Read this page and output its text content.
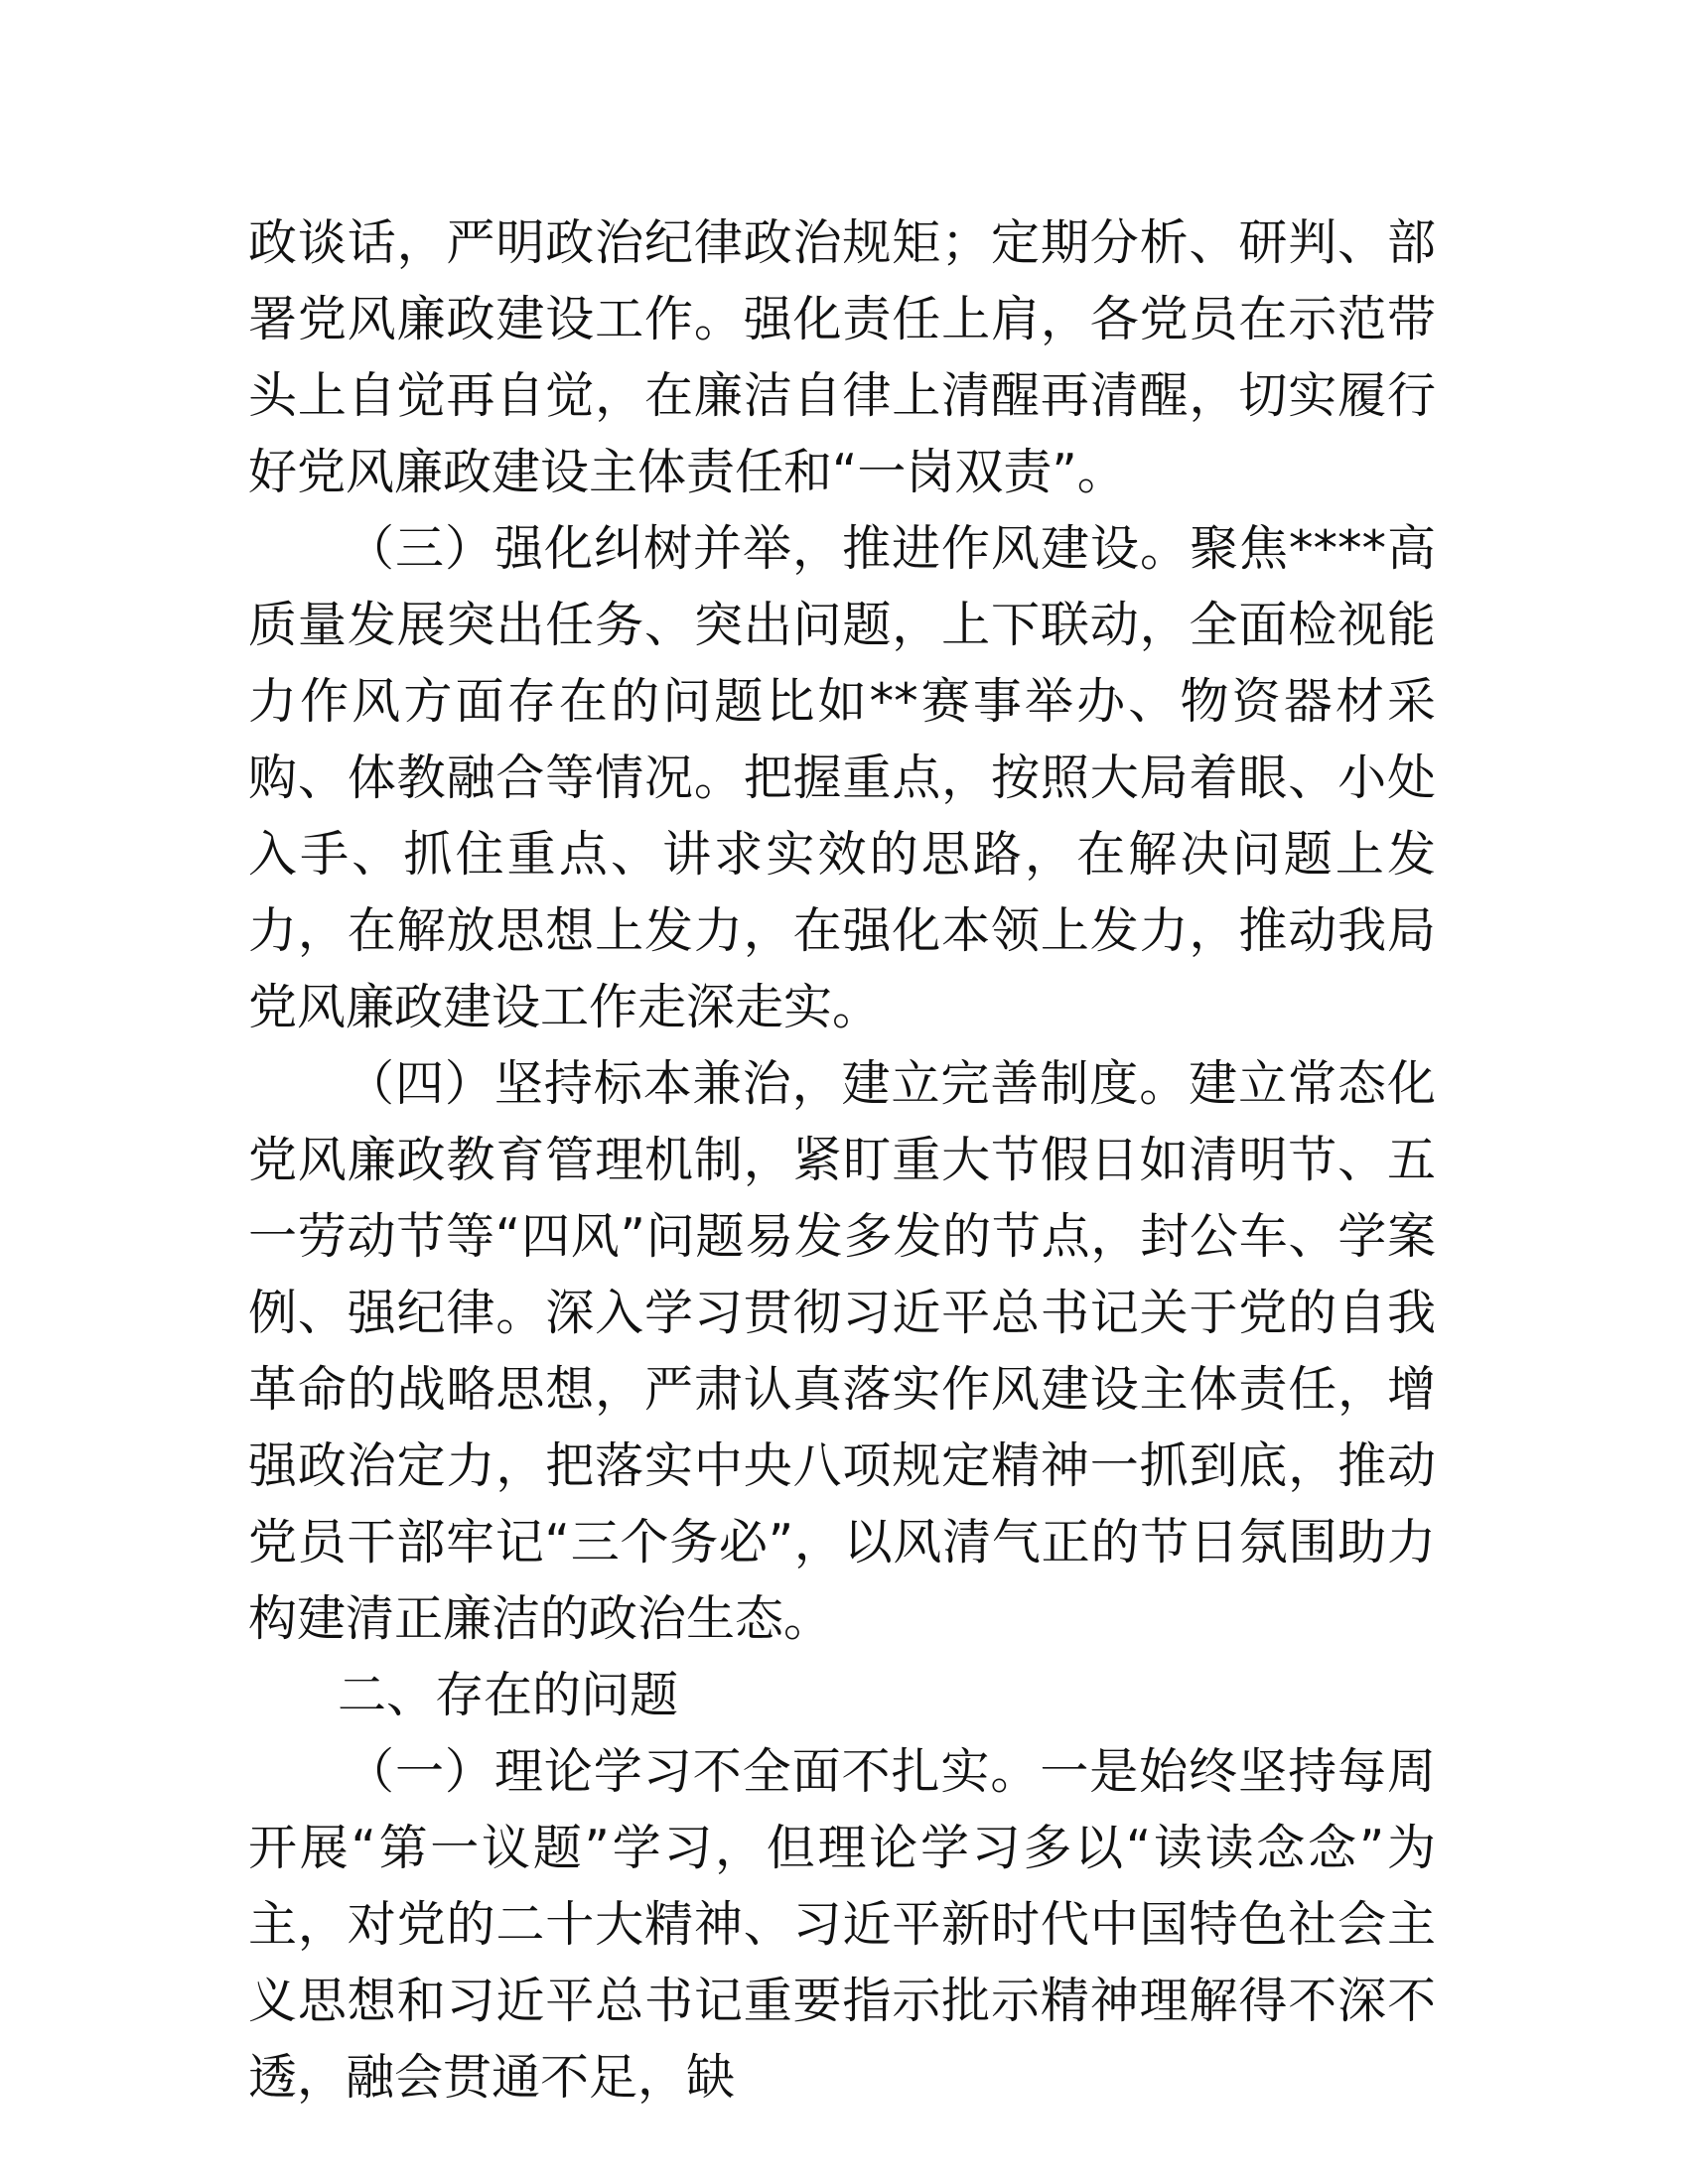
政谈话，严明政治纪律政治规矩；定期分析、研判、部署党风廉政建设工作。强化责任上肩，各党员在示范带头上自觉再自觉，在廉洁自律上清醒再清醒，切实履行好党风廉政建设主体责任和“一岗双责”。

（三）强化纠树并举，推进作风建设。聚焦****高质量发展突出任务、突出问题，上下联动，全面检视能力作风方面存在的问题比如**赛事举办、物资器材采购、体教融合等情况。把握重点，按照大局着眼、小处入手、抓住重点、讲求实效的思路，在解决问题上发力，在解放思想上发力，在强化本领上发力，推动我局党风廉政建设工作走深走实。

（四）坚持标本兼治，建立完善制度。建立常态化党风廉政教育管理机制，紧盯重大节假日如清明节、五一劳动节等“四风”问题易发多发的节点，封公车、学案例、强纪律。深入学习贯彻习近平总书记关于党的自我革命的战略思想，严肃认真落实作风建设主体责任，增强政治定力，把落实中央八项规定精神一抓到底，推动党员干部牢记“三个务必”，以风清气正的节日氛围助力构建清正廉洁的政治生态。

二、存在的问题

（一）理论学习不全面不扎实。一是始终坚持每周开展“第一议题”学习，但理论学习多以“读读念念”为主，对党的二十大精神、习近平新时代中国特色社会主义思想和习近平总书记重要指示批示精神理解得不深不透，融会贯通不足，缺
